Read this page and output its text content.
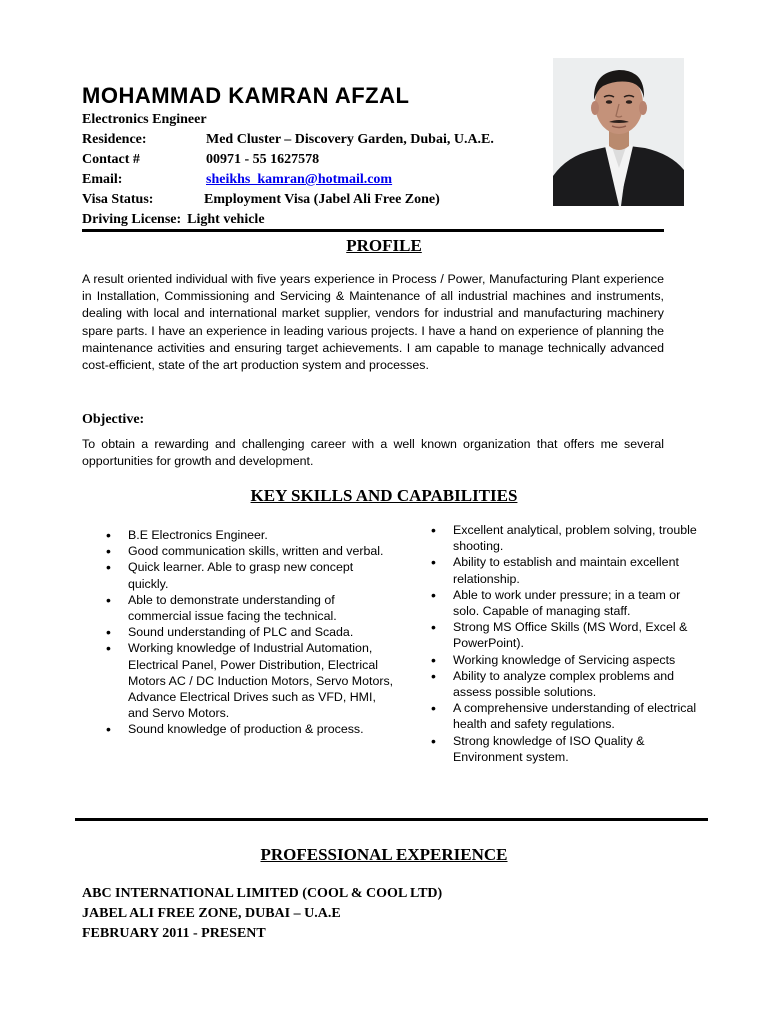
MOHAMMAD KAMRAN AFZAL
Electronics Engineer
Residence:	Med Cluster – Discovery Garden, Dubai, U.A.E.
Contact #	00971 - 55 1627578
Email:	sheikhs_kamran@hotmail.com
Visa Status:	Employment Visa (Jabel Ali Free Zone)
Driving License: Light vehicle
PROFILE

A result oriented individual with five years experience in Process / Power, Manufacturing Plant experience in Installation, Commissioning and Servicing & Maintenance of all industrial machines and instruments, dealing with local and international market supplier, vendors for industrial and manufacturing machinery spare parts. I have an experience in leading various projects. I have a hand on experience of planning the maintenance activities and ensuring target achievements. I am capable to manage technically advanced cost-efficient, state of the art production system and processes.

Objective:

To obtain a rewarding and challenging career with a well known organization that offers me several opportunities for growth and development.

KEY SKILLS AND CAPABILITIES
• B.E Electronics Engineer.
• Good communication skills, written and verbal.
• Quick learner. Able to grasp new concept quickly.
• Able to demonstrate understanding of commercial issue facing the technical.
• Sound understanding of PLC and Scada.
• Working knowledge of Industrial Automation, Electrical Panel, Power Distribution, Electrical Motors AC / DC Induction Motors, Servo Motors, Advance Electrical Drives such as VFD, HMI, and Servo Motors.
• Sound knowledge of production & process.
• Excellent analytical, problem solving, trouble shooting.
• Ability to establish and maintain excellent relationship.
• Able to work under pressure; in a team or solo. Capable of managing staff.
• Strong MS Office Skills (MS Word, Excel & PowerPoint).
• Working knowledge of Servicing aspects
• Ability to analyze complex problems and assess possible solutions.
• A comprehensive understanding of electrical health and safety regulations.
• Strong knowledge of ISO Quality & Environment system.
PROFESSIONAL EXPERIENCE
ABC INTERNATIONAL LIMITED (COOL & COOL LTD)
JABEL ALI FREE ZONE, DUBAI – U.A.E
FEBRUARY 2011 - PRESENT
